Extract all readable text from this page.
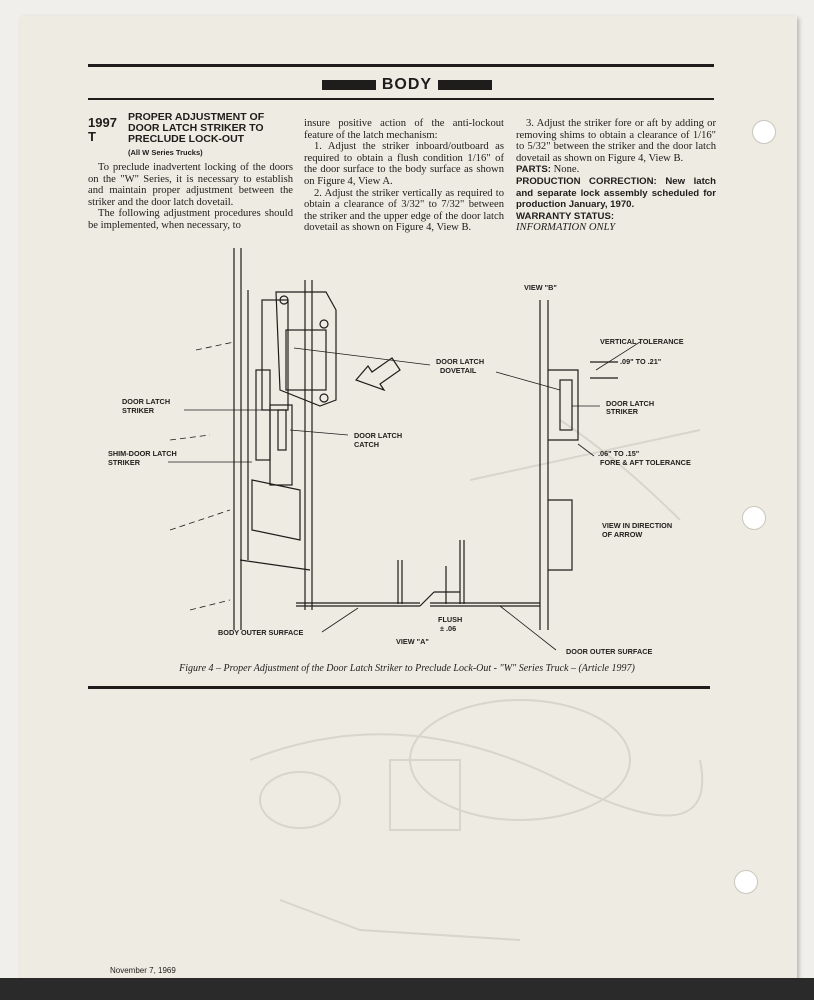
BODY
1997
T
PROPER ADJUSTMENT OF DOOR LATCH STRIKER TO PRECLUDE LOCK-OUT
(All W Series Trucks)

To preclude inadvertent locking of the doors on the "W" Series, it is necessary to establish and maintain proper adjustment between the striker and the door latch dovetail.

The following adjustment procedures should be implemented, when necessary, to

insure positive action of the anti-lockout feature of the latch mechanism:

1. Adjust the striker inboard/outboard as required to obtain a flush condition 1/16" of the door surface to the body surface as shown on Figure 4, View A.

2. Adjust the striker vertically as required to obtain a clearance of 3/32" to 7/32" between the striker and the upper edge of the door latch dovetail as shown on Figure 4, View B.

3. Adjust the striker fore or aft by adding or removing shims to obtain a clearance of 1/16" to 5/32" between the striker and the door latch dovetail as shown on Figure 4, View B.

PARTS: None.

PRODUCTION CORRECTION: New latch and separate lock assembly scheduled for production January, 1970.

WARRANTY STATUS:

INFORMATION ONLY

VIEW "B"
VERTICAL TOLERANCE
DOOR LATCH
DOVETAIL
.09" TO .21"
DOOR LATCH
STRIKER
.06" TO .15"
FORE & AFT TOLERANCE
DOOR LATCH
STRIKER
DOOR LATCH
CATCH
SHIM-DOOR LATCH
STRIKER
VIEW IN DIRECTION
OF ARROW
FLUSH
± .06
BODY OUTER SURFACE
VIEW "A"
DOOR OUTER SURFACE
Figure 4 – Proper Adjustment of the Door Latch Striker to Preclude Lock-Out - "W" Series Truck – (Article 1997)
November 7, 1969
